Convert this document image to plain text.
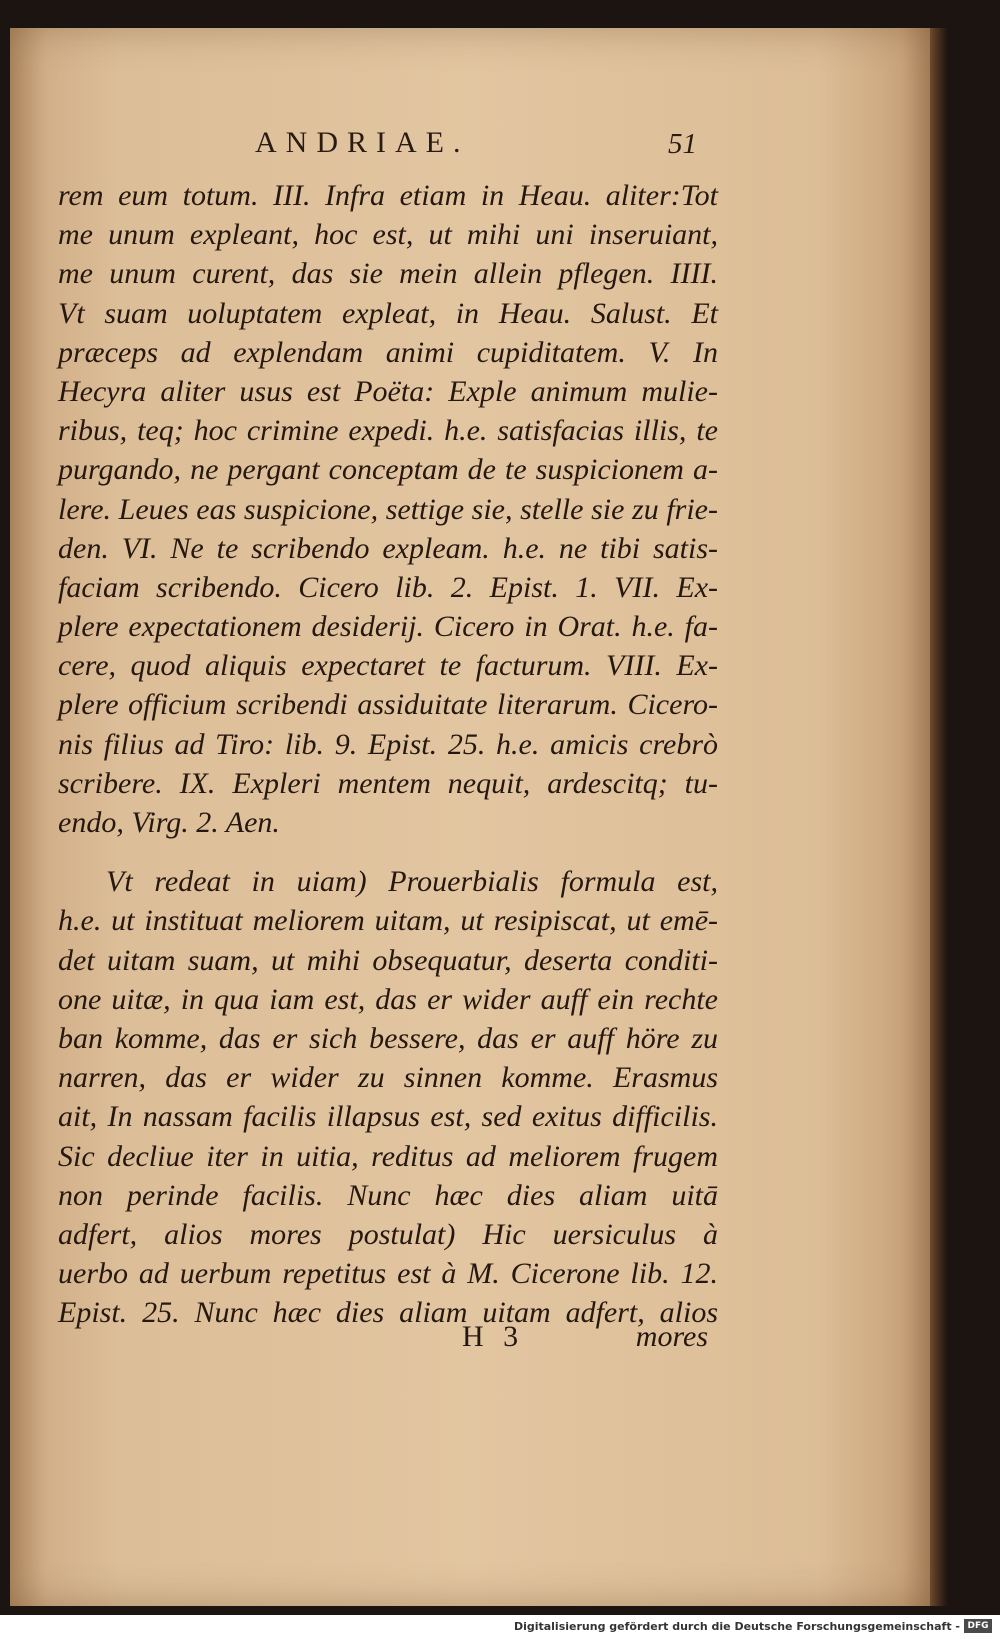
ANDRIAE.	51
rem eum totum. III. Infra etiam in Heau. aliter:Tot
me unum expleant, hoc est, ut mihi uni inseruiant,
me unum curent, das sie mein allein pflegen. IIII.
Vt suam uoluptatem expleat, in Heau. Salust. Et
præceps ad explendam animi cupiditatem. V. In
Hecyra aliter usus est Poëta: Exple animum mulie-
ribus, teq; hoc crimine expedi. h.e. satisfacias illis, te
purgando, ne pergant conceptam de te suspicionem a-
lere. Leues eas suspicione, settige sie, stelle sie zu frie-
den. VI. Ne te scribendo expleam. h.e. ne tibi satis-
faciam scribendo. Cicero lib. 2. Epist. 1. VII. Ex-
plere expectationem desiderij. Cicero in Orat. h.e. fa-
cere, quod aliquis expectaret te facturum. VIII. Ex-
plere officium scribendi assiduitate literarum. Cicero-
nis filius ad Tiro: lib. 9. Epist. 25. h.e. amicis crebrò
scribere. IX. Expleri mentem nequit, ardescitq; tu-
endo, Virg. 2. Aen.
Vt redeat in uiam) Prouerbialis formula est,
h.e. ut instituat meliorem uitam, ut resipiscat, ut emē-
det uitam suam, ut mihi obsequatur, deserta conditi-
one uitæ, in qua iam est, das er wider auff ein rechte
ban komme, das er sich bessere, das er auff höre zu
narren, das er wider zu sinnen komme. Erasmus
ait, In nassam facilis illapsus est, sed exitus difficilis.
Sic decliue iter in uitia, reditus ad meliorem frugem
non perinde facilis. Nunc hæc dies aliam uitā
adfert, alios mores postulat) Hic uersiculus à
uerbo ad uerbum repetitus est à M. Cicerone lib. 12.
Epist. 25. Nunc hæc dies aliam uitam adfert, alios
H 3	mores
Digitalisierung gefördert durch die Deutsche Forschungsgemeinschaft - DFG
